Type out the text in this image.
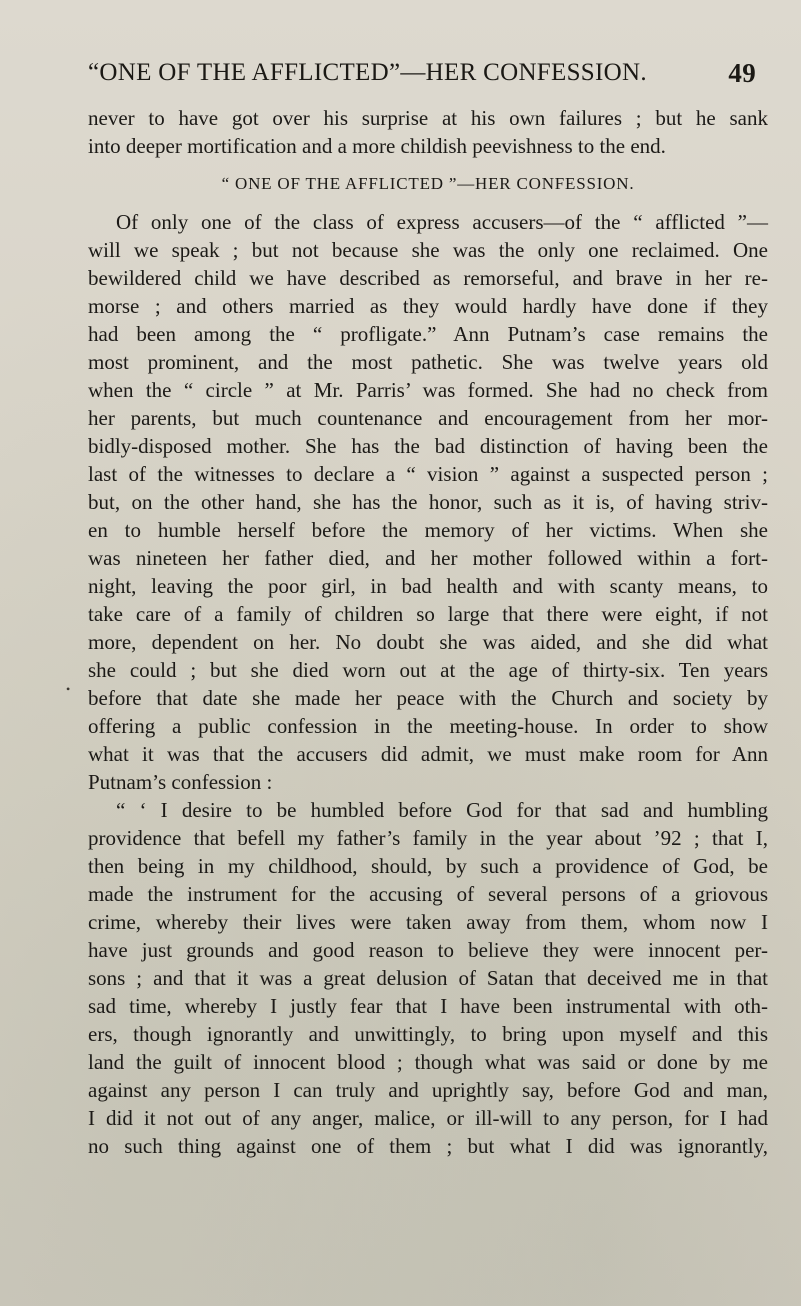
“ONE OF THE AFFLICTED”—HER CONFESSION.	49
never to have got over his surprise at his own failures ; but he sank
into deeper mortification and a more childish peevishness to the end.
“ ONE OF THE AFFLICTED ”—HER CONFESSION.
Of only one of the class of express accusers—of the “ afflicted ”—
will we speak ; but not because she was the only one reclaimed. One
bewildered child we have described as remorseful, and brave in her re-
morse ; and others married as they would hardly have done if they
had been among the “ profligate.” Ann Putnam’s case remains the
most prominent, and the most pathetic. She was twelve years old
when the “ circle ” at Mr. Parris’ was formed. She had no check from
her parents, but much countenance and encouragement from her mor-
bidly-disposed mother. She has the bad distinction of having been the
last of the witnesses to declare a “ vision ” against a suspected person ;
but, on the other hand, she has the honor, such as it is, of having striv-
en to humble herself before the memory of her victims. When she
was nineteen her father died, and her mother followed within a fort-
night, leaving the poor girl, in bad health and with scanty means, to
take care of a family of children so large that there were eight, if not
more, dependent on her. No doubt she was aided, and she did what
she could ; but she died worn out at the age of thirty-six. Ten years
before that date she made her peace with the Church and society by
offering a public confession in the meeting-house. In order to show
what it was that the accusers did admit, we must make room for Ann
Putnam’s confession :
“ ‘ I desire to be humbled before God for that sad and humbling
providence that befell my father’s family in the year about ’92 ; that I,
then being in my childhood, should, by such a providence of God, be
made the instrument for the accusing of several persons of a griovous
crime, whereby their lives were taken away from them, whom now I
have just grounds and good reason to believe they were innocent per-
sons ; and that it was a great delusion of Satan that deceived me in that
sad time, whereby I justly fear that I have been instrumental with oth-
ers, though ignorantly and unwittingly, to bring upon myself and this
land the guilt of innocent blood ; though what was said or done by me
against any person I can truly and uprightly say, before God and man,
I did it not out of any anger, malice, or ill-will to any person, for I had
no such thing against one of them ; but what I did was ignorantly,
•
